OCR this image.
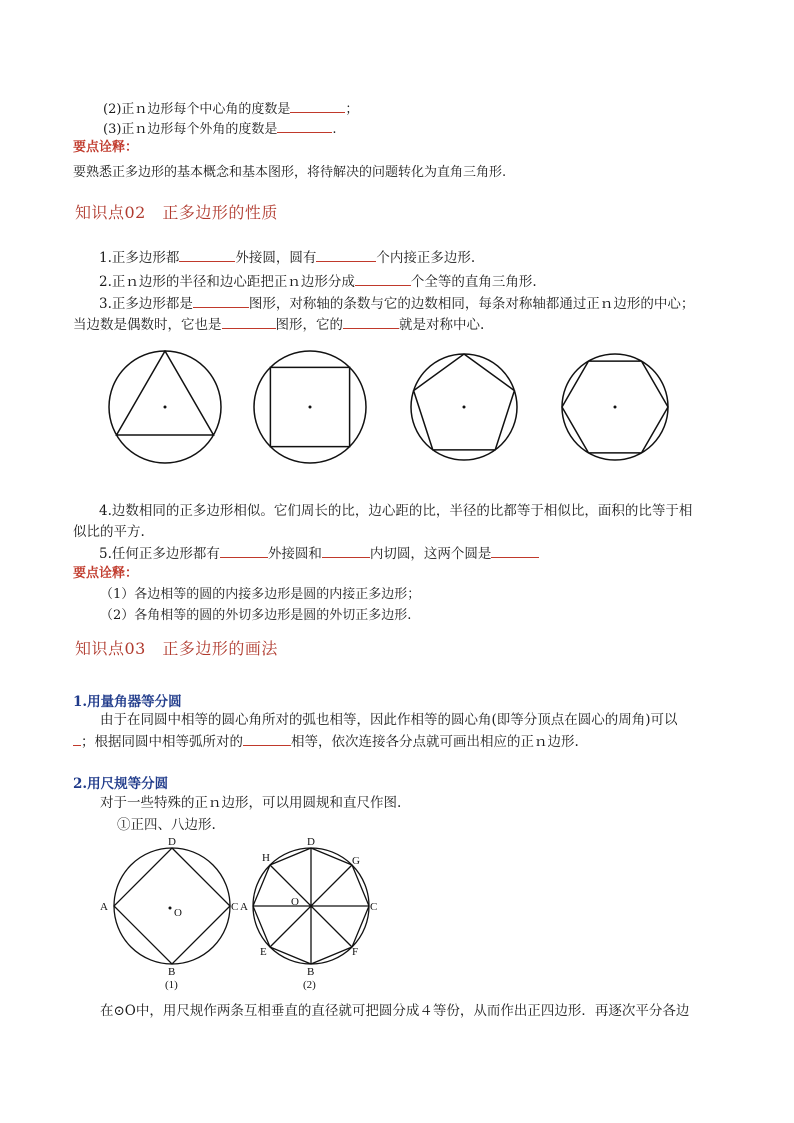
(2)正ｎ边形每个中心角的度数是	；
(3)正ｎ边形每个外角的度数是	.
要点诠释：
要熟悉正多边形的基本概念和基本图形，将待解决的问题转化为直角三角形.
知识点02　正多边形的性质
1.正多边形都	外接圆，圆有	个内接正多边形.
2.正ｎ边形的半径和边心距把正ｎ边形分成	个全等的直角三角形.
3.正多边形都是	图形，对称轴的条数与它的边数相同，每条对称轴都通过正ｎ边形的中心；
当边数是偶数时，它也是	图形，它的	就是对称中心.
4.边数相同的正多边形相似。它们周长的比，边心距的比，半径的比都等于相似比，面积的比等于相
似比的平方.
5.任何正多边形都有	外接圆和	内切圆，这两个圆是
要点诠释：
（1）各边相等的圆的内接多边形是圆的内接正多边形；
（2）各角相等的圆的外切多边形是圆的外切正多边形.
知识点03　正多边形的画法
1.用量角器等分圆
由于在同圆中相等的圆心角所对的弧也相等，因此作相等的圆心角(即等分顶点在圆心的周角)可以
；根据同圆中相等弧所对的	相等，依次连接各分点就可画出相应的正ｎ边形.
2.用尺规等分圆
对于一些特殊的正ｎ边形，可以用圆规和直尺作图.
①正四、八边形.
D
A	C
B
O
(1)
H
D
G
A	O	C
E	F
B
(2)
在⊙O中，用尺规作两条互相垂直的直径就可把圆分成４等份，从而作出正四边形．再逐次平分各边
